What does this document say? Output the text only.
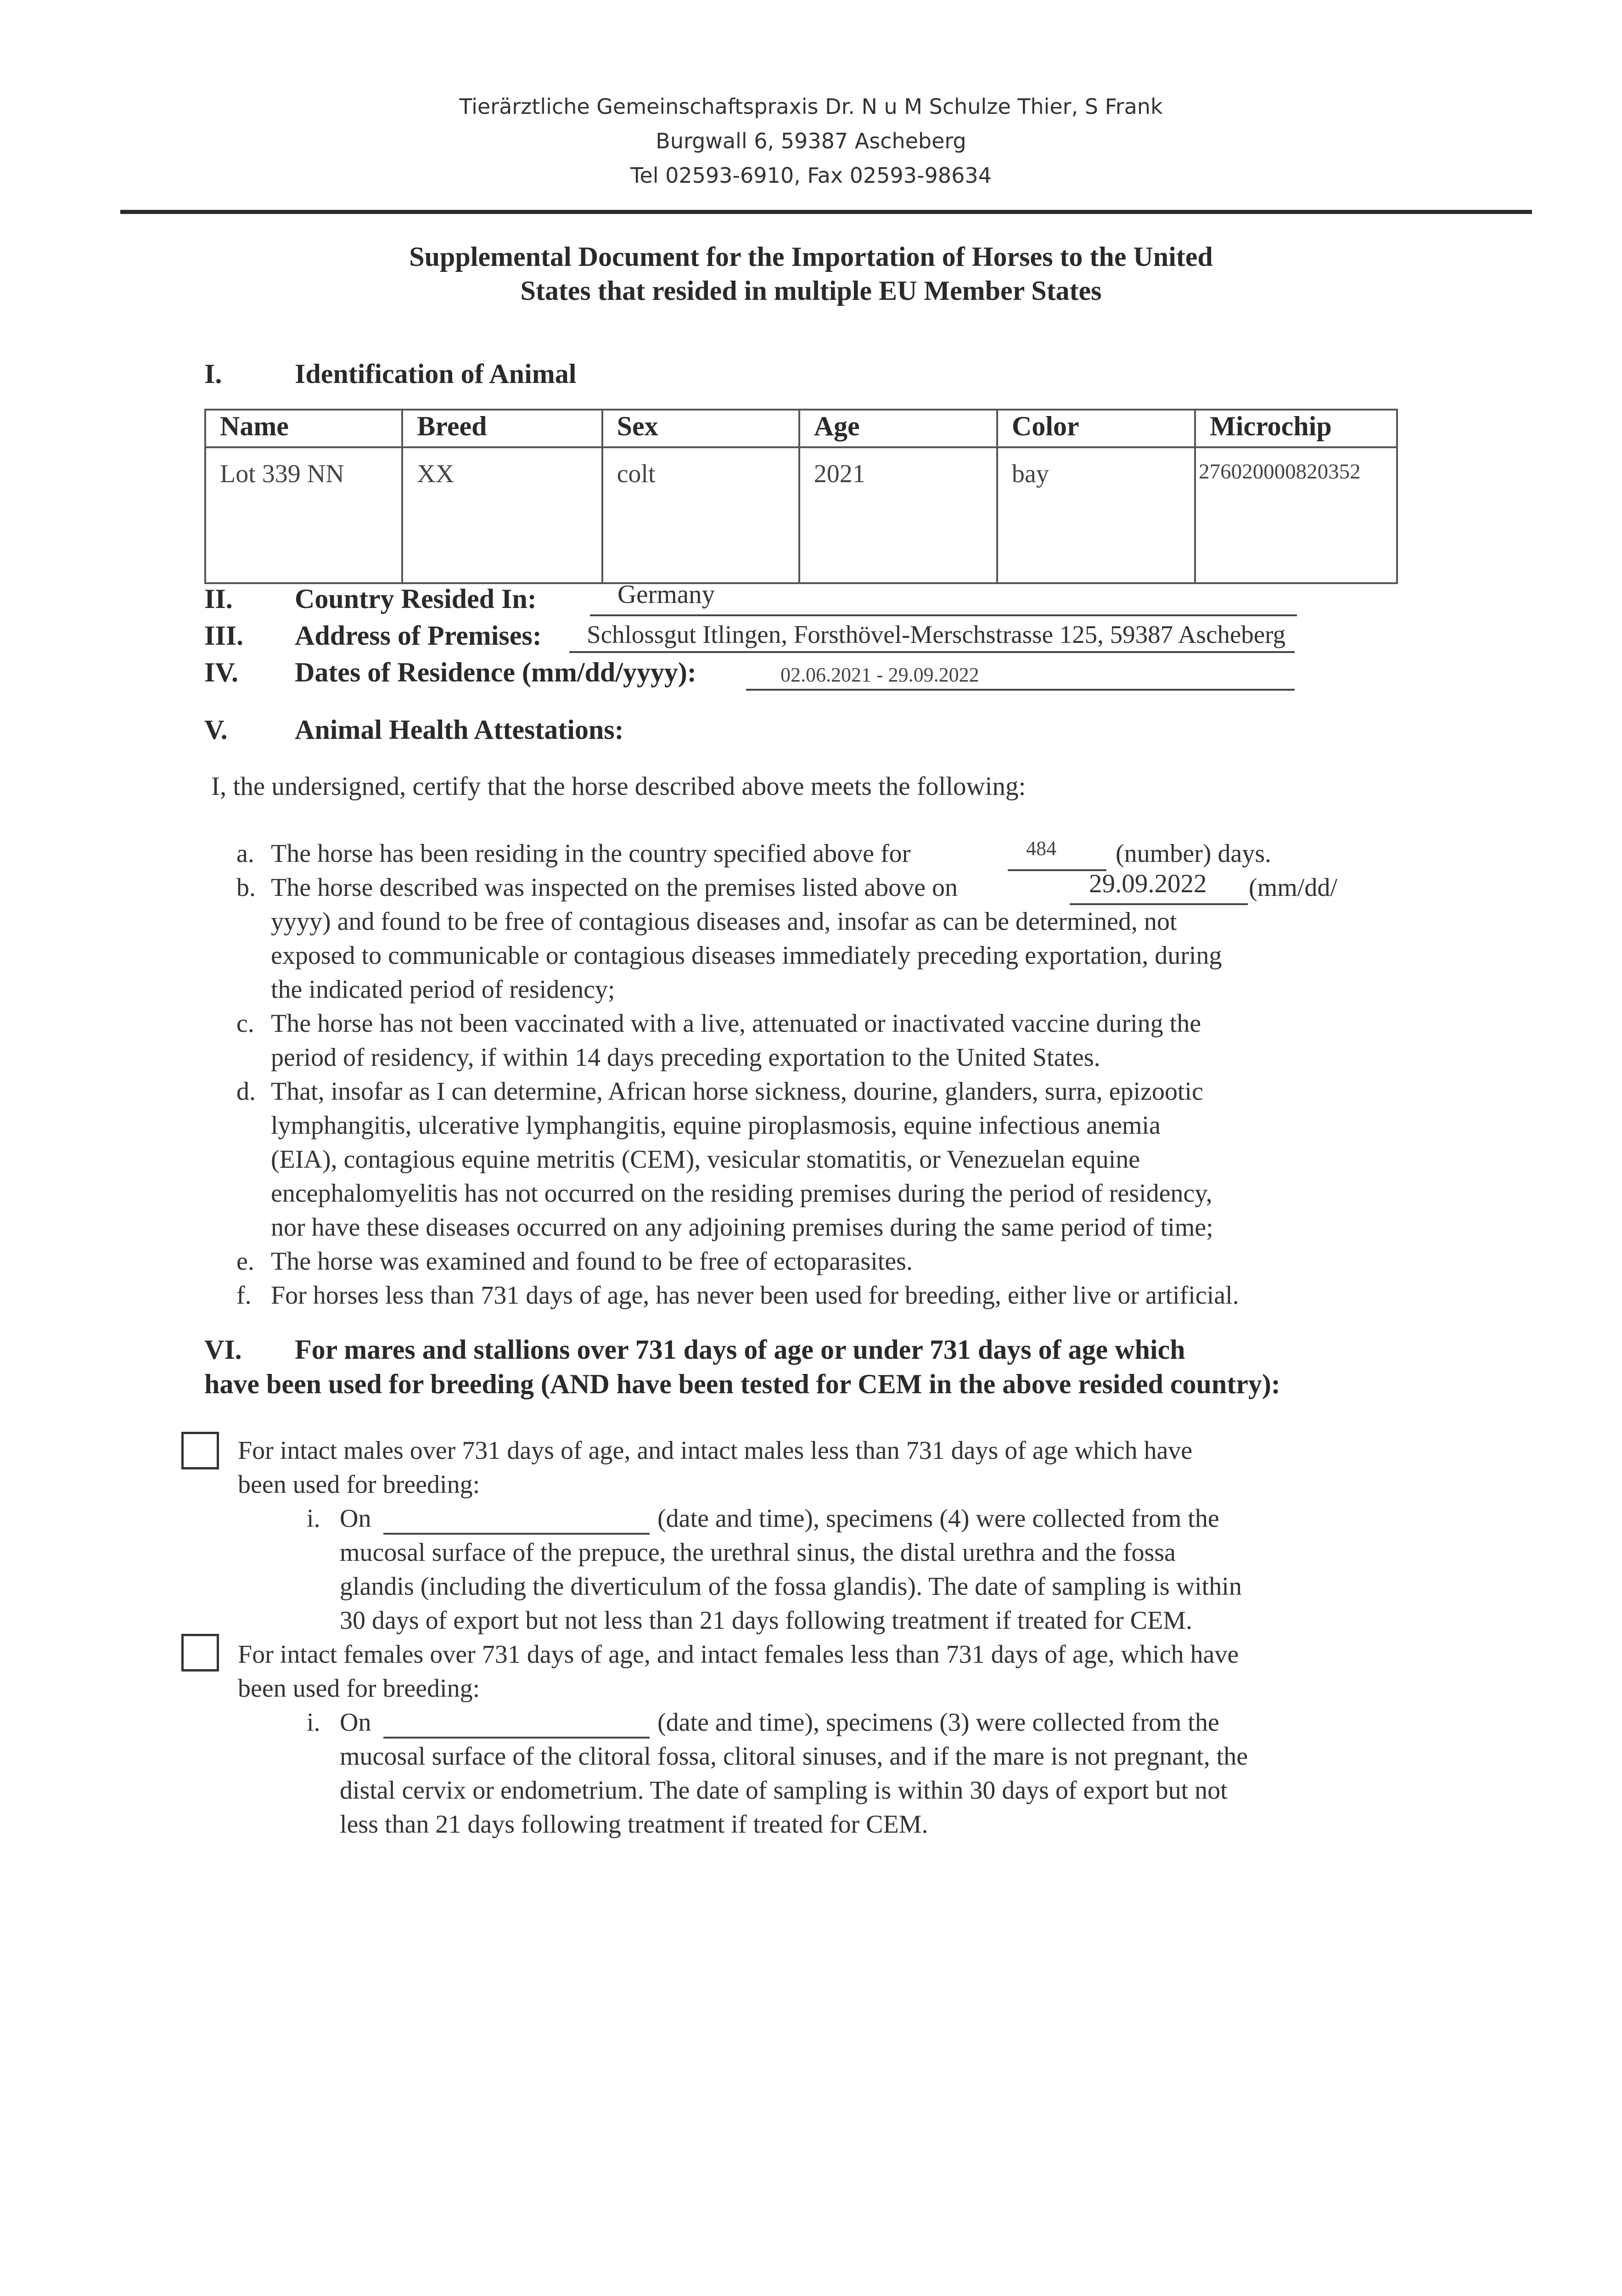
Tierärztliche Gemeinschaftspraxis Dr. N u M Schulze Thier, S Frank
Burgwall 6, 59387 Ascheberg
Tel 02593-6910, Fax 02593-98634
Supplemental Document for the Importation of Horses to the United
States that resided in multiple EU Member States
I.	Identification of Animal
Name	Breed	Sex	Age	Color	Microchip
Lot 339 NN	XX	colt	2021	bay	276020000820352
II. Country Resided In:	Germany
III. Address of Premises: Schlossgut Itlingen, Forsthövel-Merschstrasse 125, 59387 Ascheberg
IV. Dates of Residence (mm/dd/yyyy):	02.06.2021 - 29.09.2022
V. Animal Health Attestations:
I, the undersigned, certify that the horse described above meets the following:
a. The horse has been residing in the country specified above for	484 (number) days.
b. The horse described was inspected on the premises listed above on	29.09.2022 (mm/dd/
yyyy) and found to be free of contagious diseases and, insofar as can be determined, not
exposed to communicable or contagious diseases immediately preceding exportation, during
the indicated period of residency;
c. The horse has not been vaccinated with a live, attenuated or inactivated vaccine during the
period of residency, if within 14 days preceding exportation to the United States.
d. That, insofar as I can determine, African horse sickness, dourine, glanders, surra, epizootic
lymphangitis, ulcerative lymphangitis, equine piroplasmosis, equine infectious anemia
(EIA), contagious equine metritis (CEM), vesicular stomatitis, or Venezuelan equine
encephalomyelitis has not occurred on the residing premises during the period of residency,
nor have these diseases occurred on any adjoining premises during the same period of time;
e. The horse was examined and found to be free of ectoparasites.
f. For horses less than 731 days of age, has never been used for breeding, either live or artificial.
VI. For mares and stallions over 731 days of age or under 731 days of age which
have been used for breeding (AND have been tested for CEM in the above resided country):
For intact males over 731 days of age, and intact males less than 731 days of age which have
been used for breeding:
i. On	(date and time), specimens (4) were collected from the
mucosal surface of the prepuce, the urethral sinus, the distal urethra and the fossa
glandis (including the diverticulum of the fossa glandis). The date of sampling is within
30 days of export but not less than 21 days following treatment if treated for CEM.
For intact females over 731 days of age, and intact females less than 731 days of age, which have
been used for breeding:
i. On	(date and time), specimens (3) were collected from the
mucosal surface of the clitoral fossa, clitoral sinuses, and if the mare is not pregnant, the
distal cervix or endometrium. The date of sampling is within 30 days of export but not
less than 21 days following treatment if treated for CEM.
